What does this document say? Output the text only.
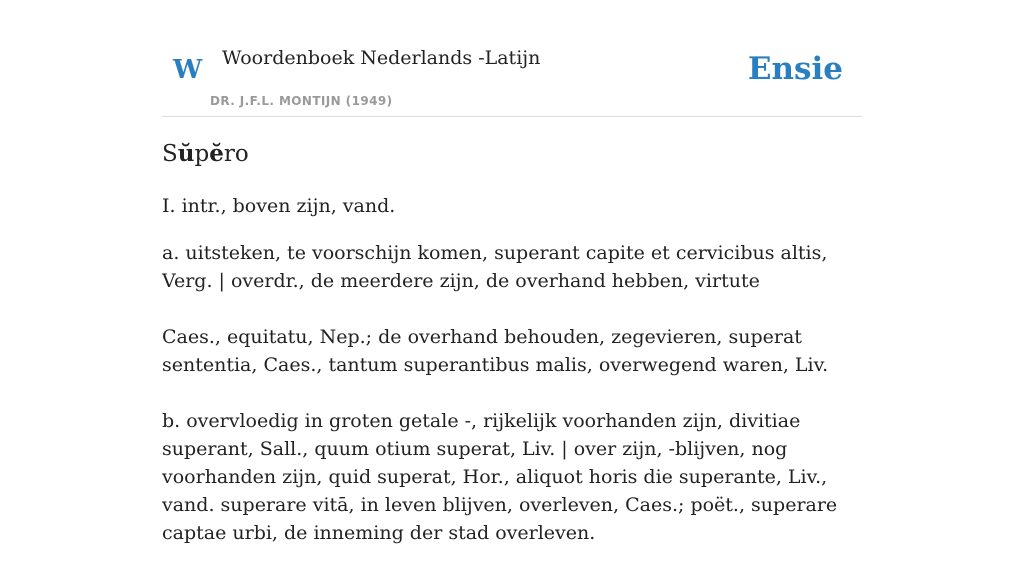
W Woordenboek Nederlands -Latijn
DR. J.F.L. MONTIJN (1949)
Ensie
Sŭpĕro

I. intr., boven zijn, vand.

a. uitsteken, te voorschijn komen, superant capite et cervicibus altis, Verg. | overdr., de meerdere zijn, de overhand hebben, virtute

Caes., equitatu, Nep.; de overhand behouden, zegevieren, superat sententia, Caes., tantum superantibus malis, overwegend waren, Liv.

b. overvloedig in groten getale -, rijkelijk voorhanden zijn, divitiae superant, Sall., quum otium superat, Liv. | over zijn, -blijven, nog voorhanden zijn, quid superat, Hor., aliquot horis die superante, Liv., vand. superare vitā, in leven blijven, overleven, Caes.; poët., superare captae urbi, de inneming der stad overleven.
